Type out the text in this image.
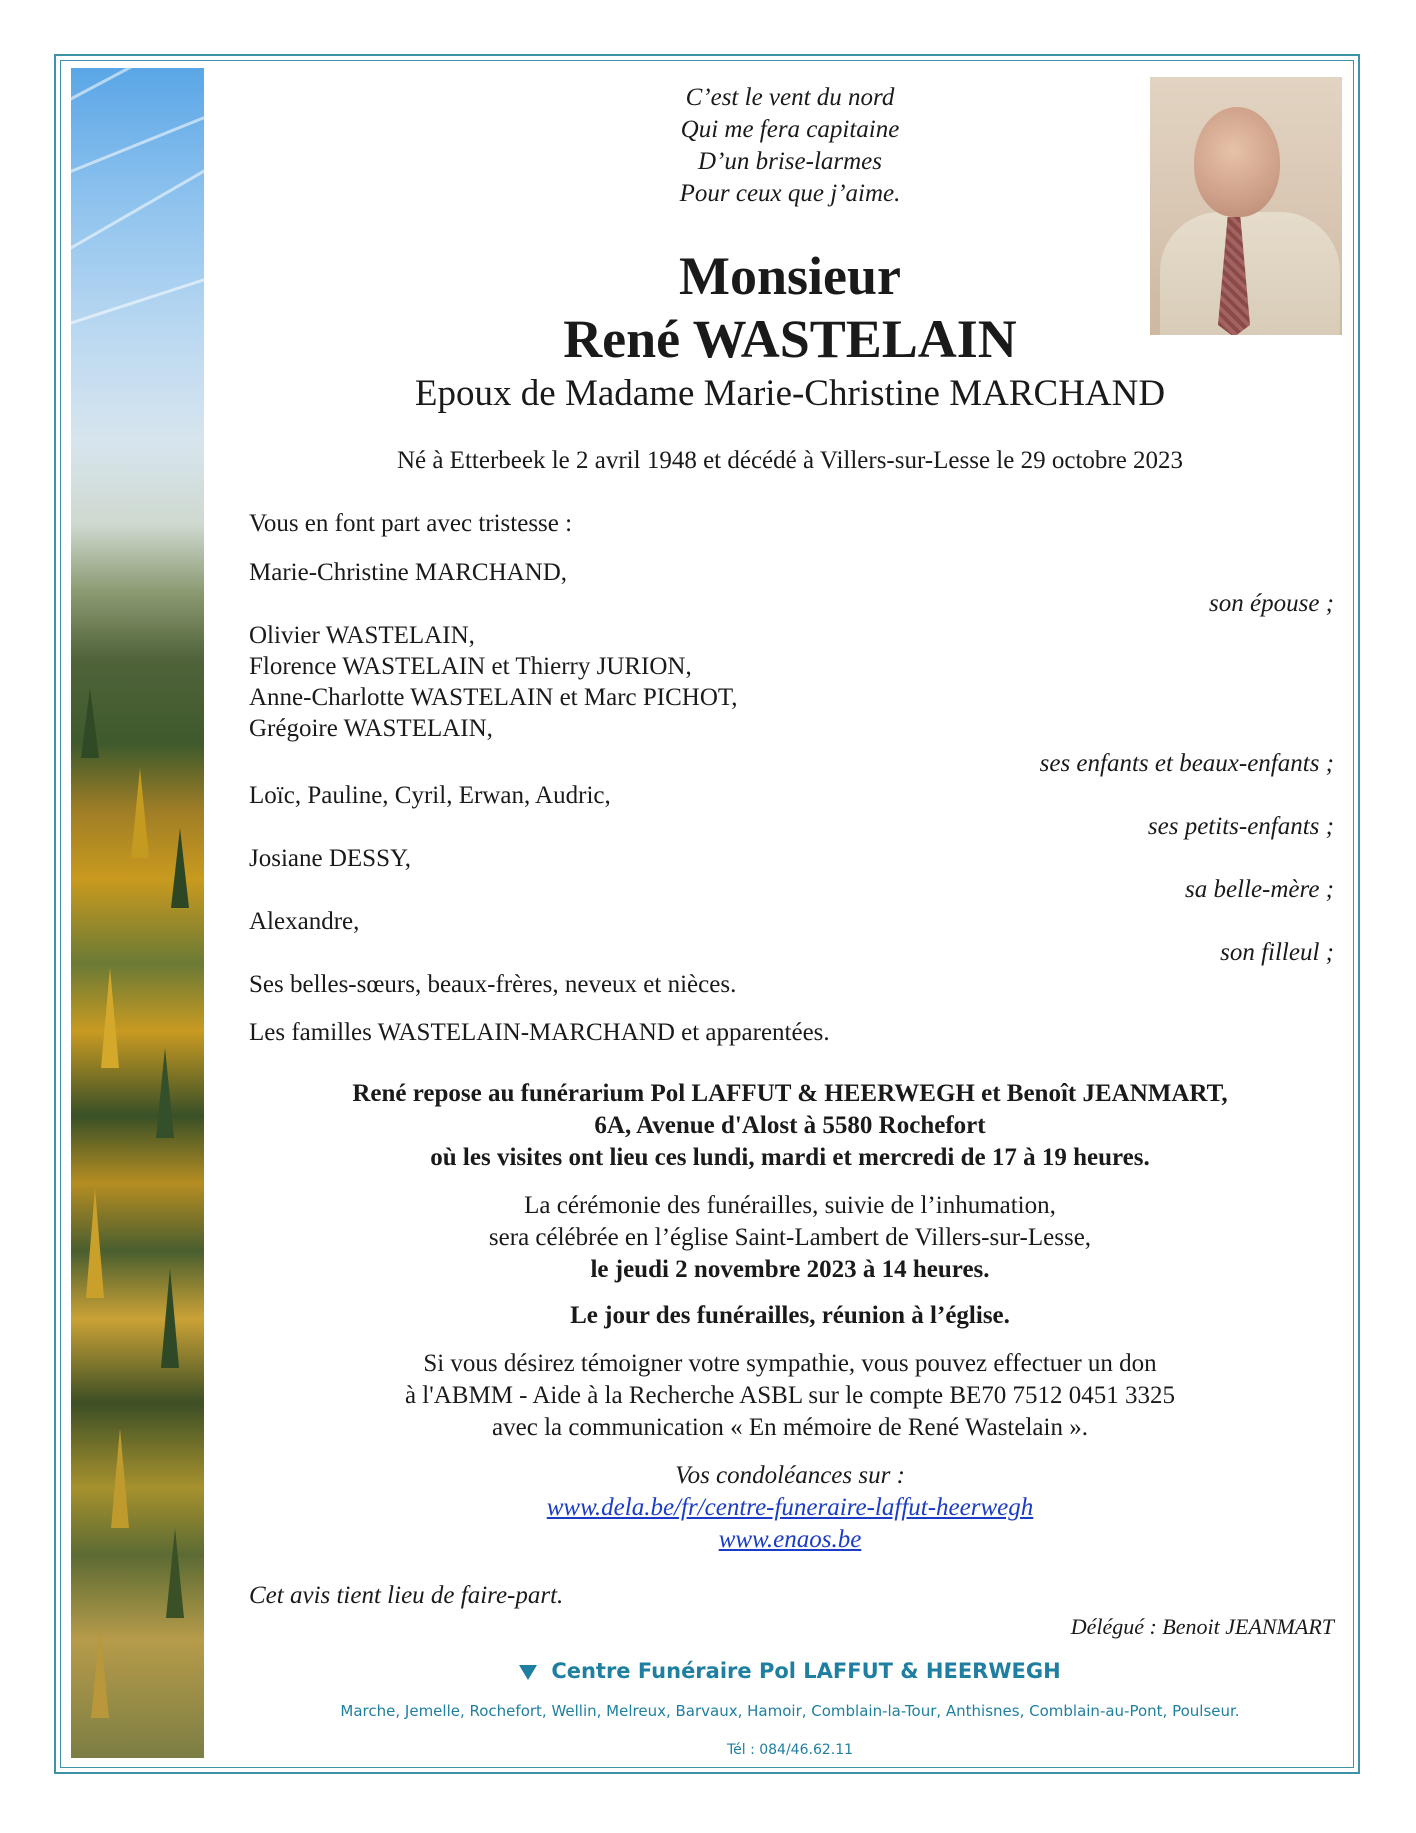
C’est le vent du nord
Qui me fera capitaine
D’un brise-larmes
Pour ceux que j’aime.
Monsieur
René WASTELAIN
Epoux de Madame Marie-Christine MARCHAND
Né à Etterbeek le 2 avril 1948 et décédé à Villers-sur-Lesse le 29 octobre 2023
Vous en font part avec tristesse :
Marie-Christine MARCHAND,
son épouse ;
Olivier WASTELAIN,
Florence WASTELAIN et Thierry JURION,
Anne-Charlotte WASTELAIN et Marc PICHOT,
Grégoire WASTELAIN,
ses enfants et beaux-enfants ;
Loïc, Pauline, Cyril, Erwan, Audric,
ses petits-enfants ;
Josiane DESSY,
sa belle-mère ;
Alexandre,
son filleul ;
Ses belles-sœurs, beaux-frères, neveux et nièces.
Les familles WASTELAIN-MARCHAND et apparentées.
René repose au funérarium Pol LAFFUT & HEERWEGH et Benoît JEANMART,
6A, Avenue d'Alost à 5580 Rochefort
où les visites ont lieu ces lundi, mardi et mercredi de 17 à 19 heures.
La cérémonie des funérailles, suivie de l’inhumation,
sera célébrée en l’église Saint-Lambert de Villers-sur-Lesse,
le jeudi 2 novembre 2023 à 14 heures.
Le jour des funérailles, réunion à l’église.
Si vous désirez témoigner votre sympathie, vous pouvez effectuer un don
à l'ABMM - Aide à la Recherche ASBL sur le compte BE70 7512 0451 3325
avec la communication « En mémoire de René Wastelain ».
Vos condoléances sur :
www.dela.be/fr/centre-funeraire-laffut-heerwegh
www.enaos.be
Cet avis tient lieu de faire-part.
Délégué : Benoit JEANMART
Centre Funéraire Pol LAFFUT & HEERWEGH
Marche, Jemelle, Rochefort, Wellin, Melreux, Barvaux, Hamoir, Comblain-la-Tour, Anthisnes, Comblain-au-Pont, Poulseur.
Tél : 084/46.62.11
